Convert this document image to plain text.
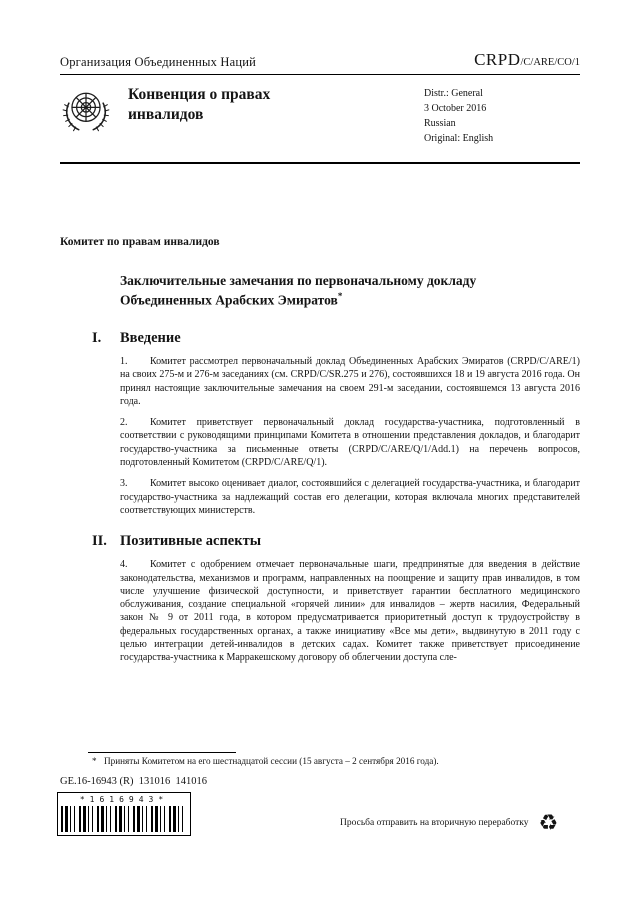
Организация Объединенных Наций	CRPD/C/ARE/CO/1
Конвенция о правах инвалидов
Distr.: General
3 October 2016
Russian
Original: English
Комитет по правам инвалидов
Заключительные замечания по первоначальному докладу Объединенных Арабских Эмиратов*
I.	Введение

1. Комитет рассмотрел первоначальный доклад Объединенных Арабских Эмиратов (CRPD/C/ARE/1) на своих 275-м и 276-м заседаниях (см. CRPD/C/SR.275 и 276), состоявшихся 18 и 19 августа 2016 года. Он принял настоящие заключительные замечания на своем 291-м заседании, состоявшемся 13 августа 2016 года.

2. Комитет приветствует первоначальный доклад государства-участника, подготовленный в соответствии с руководящими принципами Комитета в отношении представления докладов, и благодарит государство-участника за письменные ответы (CRPD/C/ARE/Q/1/Add.1) на перечень вопросов, подготовленный Комитетом (CRPD/C/ARE/Q/1).

3. Комитет высоко оценивает диалог, состоявшийся с делегацией государства-участника, и благодарит государство-участника за надлежащий состав его делегации, которая включала многих представителей соответствующих министерств.

II. Позитивные аспекты

4. Комитет с одобрением отмечает первоначальные шаги, предпринятые для введения в действие законодательства, механизмов и программ, направленных на поощрение и защиту прав инвалидов, в том числе улучшение физической доступности, и приветствует гарантии бесплатного медицинского обслуживания, создание специальной «горячей линии» для инвалидов – жертв насилия, Федеральный закон № 9 от 2011 года, в котором предусматривается приоритетный доступ к трудоустройству в федеральных государственных органах, а также инициативу «Все мы дети», выдвинутую в 2011 году с целью интеграции детей-инвалидов в детских садах. Комитет также приветствует присоединение государства-участника к Марракешскому договору об облегчении доступа сле-

* Приняты Комитетом на его шестнадцатой сессии (15 августа – 2 сентября 2016 года).
GE.16-16943 (R)  131016  141016
*1616943*
Просьба отправить на вторичную переработку ♻
